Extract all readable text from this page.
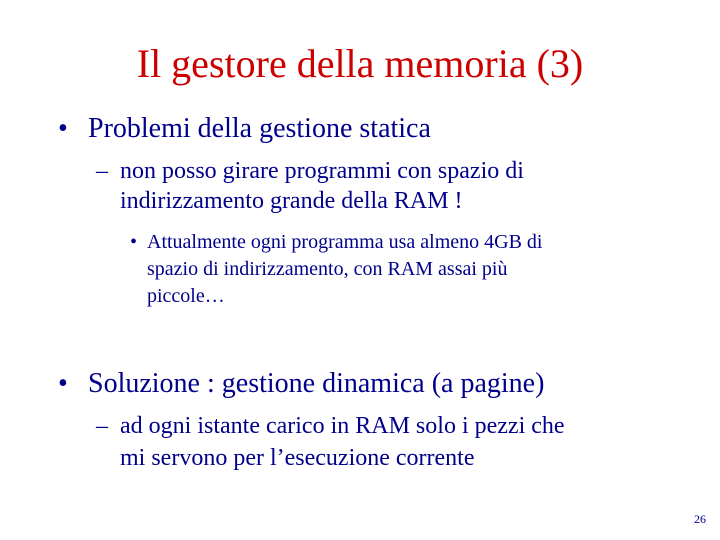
Il gestore della memoria (3)
• Problemi della gestione statica
– non posso girare programmi con spazio di
indirizzamento grande della RAM !
• Attualmente ogni programma usa almeno 4GB di
spazio di indirizzamento, con RAM assai più
piccole…
• Soluzione : gestione dinamica (a pagine)
– ad ogni istante carico in RAM solo i pezzi che
mi servono per l’esecuzione corrente
26
